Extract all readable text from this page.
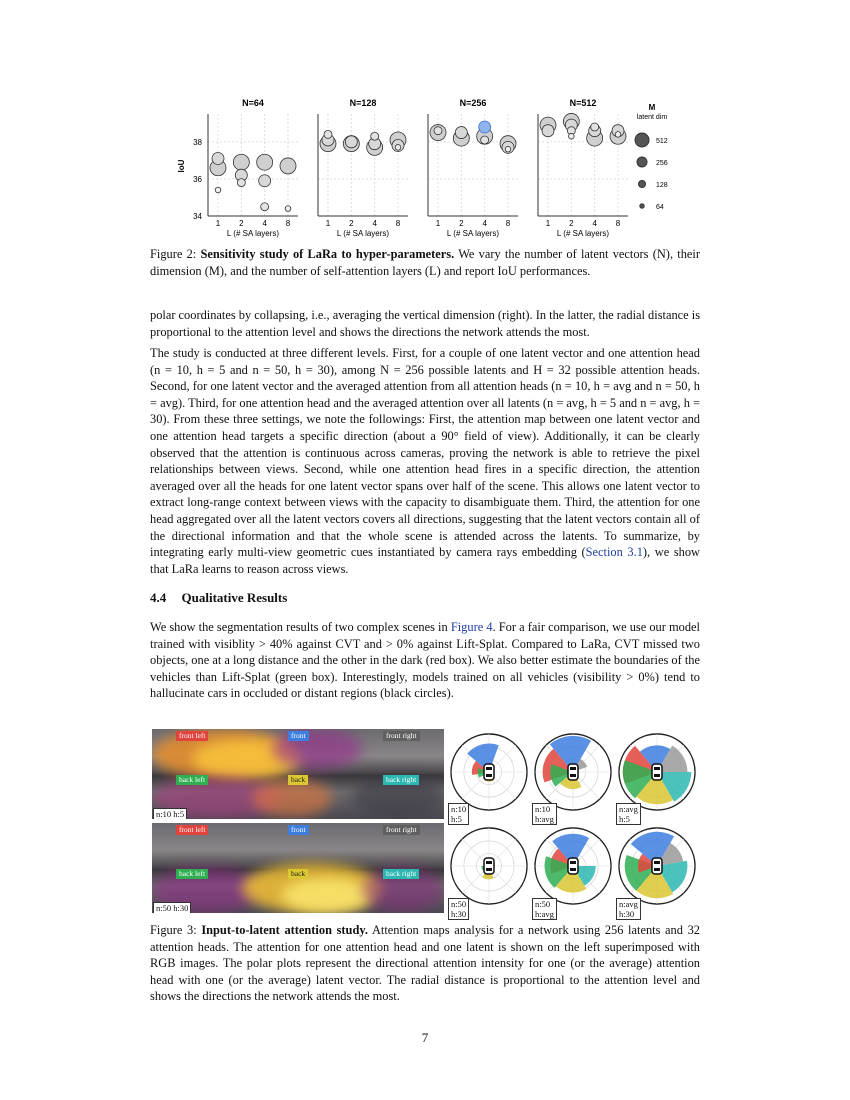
N=64
1 2 4 8
L (# SA layers)
N=128
1 2 4 8
L (# SA layers)
N=256
1 2 4 8
L (# SA layers)
N=512
1 2 4 8
L (# SA layers)
34
36
38
IoU
M
latent dim
512
256
128
64
Figure 2: Sensitivity study of LaRa to hyper-parameters. We vary the number of latent vectors (N), their dimension (M), and the number of self-attention layers (L) and report IoU performances.
polar coordinates by collapsing, i.e., averaging the vertical dimension (right). In the latter, the radial distance is proportional to the attention level and shows the directions the network attends the most.
The study is conducted at three different levels. First, for a couple of one latent vector and one attention head (n = 10, h = 5 and n = 50, h = 30), among N = 256 possible latents and H = 32 possible attention heads. Second, for one latent vector and the averaged attention from all attention heads (n = 10, h = avg and n = 50, h = avg). Third, for one attention head and the averaged attention over all latents (n = avg, h = 5 and n = avg, h = 30). From these three settings, we note the followings: First, the attention map between one latent vector and one attention head targets a specific direction (about a 90° field of view). Additionally, it can be clearly observed that the attention is continuous across cameras, proving the network is able to retrieve the pixel relationships between views. Second, while one attention head fires in a specific direction, the attention averaged over all the heads for one latent vector spans over half of the scene. This allows one latent vector to extract long-range context between views with the capacity to disambiguate them. Third, the attention for one head aggregated over all the latent vectors covers all directions, suggesting that the latent vectors contain all of the directional information and that the whole scene is attended across the latents. To summarize, by integrating early multi-view geometric cues instantiated by camera rays embedding (Section 3.1), we show that LaRa learns to reason across views.
4.4 Qualitative Results
We show the segmentation results of two complex scenes in Figure 4. For a fair comparison, we use our model trained with visiblity > 40% against CVT and > 0% against Lift-Splat. Compared to LaRa, CVT missed two objects, one at a long distance and the other in the dark (red box). We also better estimate the boundaries of the vehicles than Lift-Splat (green box). Interestingly, models trained on all vehicles (visibility > 0%) tend to hallucinate cars in occluded or distant regions (black circles).
front left	front	front right
back left	back	back right
n:10 h:5
front left	front	front right
back left	back	back right
n:50 h:30
n:10 h:5
n:10 h:avg
n:avg h:5
n:50 h:30
n:50 h:avg
n:avg h:30
Figure 3: Input-to-latent attention study. Attention maps analysis for a network using 256 latents and 32 attention heads. The attention for one attention head and one latent is shown on the left superimposed with RGB images. The polar plots represent the directional attention intensity for one (or the average) attention head with one (or the average) latent vector. The radial distance is proportional to the attention level and shows the directions the network attends the most.
7
